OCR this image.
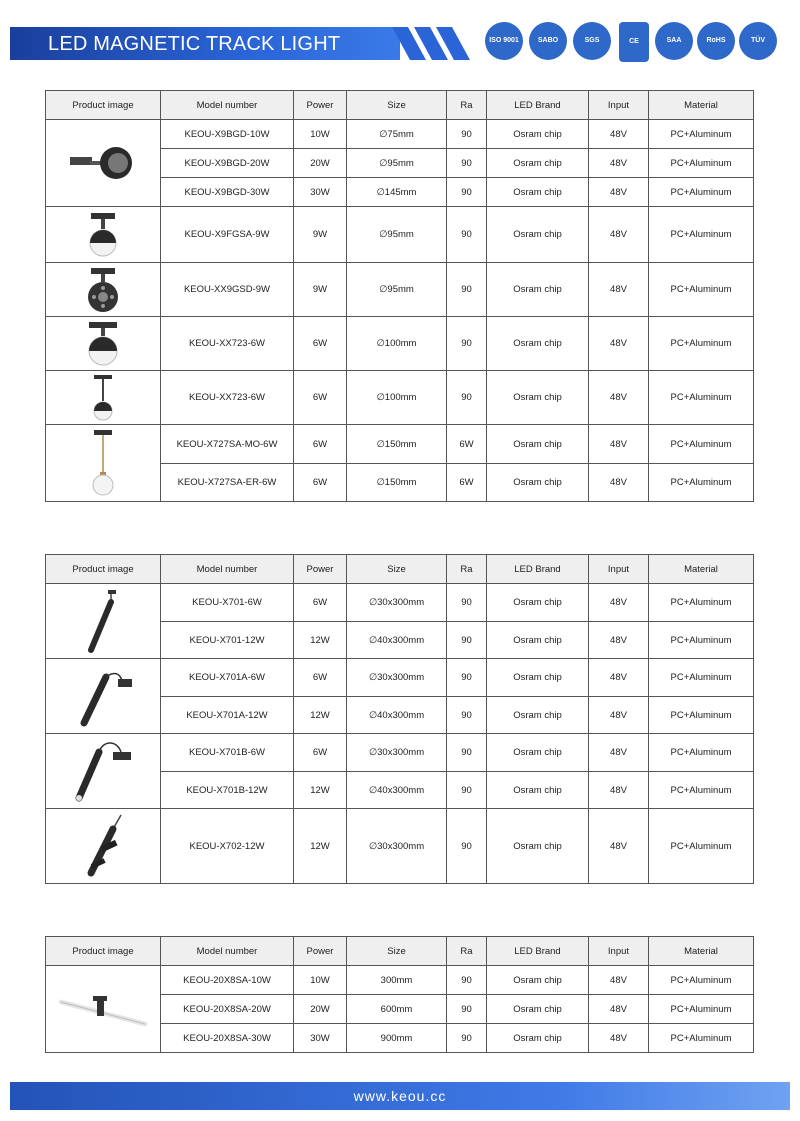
LED MAGNETIC TRACK LIGHT	ISO 9001	SABO	SGS	CE	SAA	RoHS	TÜV
Product image	Model number	Power	Size	Ra	LED Brand	Input	Material

	KEOU-X9BGD-10W	10W	∅75mm	90	Osram chip	48V	PC+Aluminum
	KEOU-X9BGD-20W	20W	∅95mm	90	Osram chip	48V	PC+Aluminum
	KEOU-X9BGD-30W	30W	∅145mm	90	Osram chip	48V	PC+Aluminum

	KEOU-X9FGSA-9W	9W	∅95mm	90	Osram chip	48V	PC+Aluminum

	KEOU-XX9GSD-9W	9W	∅95mm	90	Osram chip	48V	PC+Aluminum

	KEOU-XX723-6W	6W	∅100mm	90	Osram chip	48V	PC+Aluminum

	KEOU-XX723-6W	6W	∅100mm	90	Osram chip	48V	PC+Aluminum

	KEOU-X727SA-MO-6W	6W	∅150mm	6W	Osram chip	48V	PC+Aluminum
	KEOU-X727SA-ER-6W	6W	∅150mm	6W	Osram chip	48V	PC+Aluminum
Product image	Model number	Power	Size	Ra	LED Brand	Input	Material

	KEOU-X701-6W	6W	∅30x300mm	90	Osram chip	48V	PC+Aluminum
	KEOU-X701-12W	12W	∅40x300mm	90	Osram chip	48V	PC+Aluminum

	KEOU-X701A-6W	6W	∅30x300mm	90	Osram chip	48V	PC+Aluminum
	KEOU-X701A-12W	12W	∅40x300mm	90	Osram chip	48V	PC+Aluminum

	KEOU-X701B-6W	6W	∅30x300mm	90	Osram chip	48V	PC+Aluminum
	KEOU-X701B-12W	12W	∅40x300mm	90	Osram chip	48V	PC+Aluminum

	KEOU-X702-12W	12W	∅30x300mm	90	Osram chip	48V	PC+Aluminum
Product image	Model number	Power	Size	Ra	LED Brand	Input	Material

	KEOU-20X8SA-10W	10W	300mm	90	Osram chip	48V	PC+Aluminum
	KEOU-20X8SA-20W	20W	600mm	90	Osram chip	48V	PC+Aluminum
	KEOU-20X8SA-30W	30W	900mm	90	Osram chip	48V	PC+Aluminum
www.keou.cc
